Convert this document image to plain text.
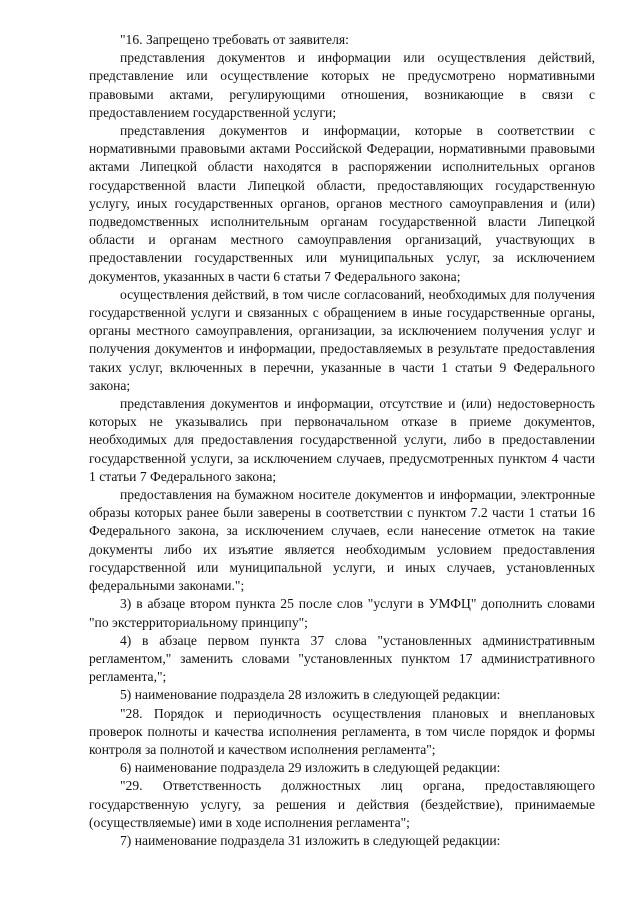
"16. Запрещено требовать от заявителя:

представления документов и информации или осуществления действий, представление или осуществление которых не предусмотрено нормативными правовыми актами, регулирующими отношения, возникающие в связи с предоставлением государственной услуги;

представления документов и информации, которые в соответствии с нормативными правовыми актами Российской Федерации, нормативными правовыми актами Липецкой области находятся в распоряжении исполнительных органов государственной власти Липецкой области, предоставляющих государственную услугу, иных государственных органов, органов местного самоуправления и (или) подведомственных исполнительным органам государственной власти Липецкой области и органам местного самоуправления организаций, участвующих в предоставлении государственных или муниципальных услуг, за исключением документов, указанных в части 6 статьи 7 Федерального закона;

осуществления действий, в том числе согласований, необходимых для получения государственной услуги и связанных с обращением в иные государственные органы, органы местного самоуправления, организации, за исключением получения услуг и получения документов и информации, предоставляемых в результате предоставления таких услуг, включенных в перечни, указанные в части 1 статьи 9 Федерального закона;

представления документов и информации, отсутствие и (или) недостоверность которых не указывались при первоначальном отказе в приеме документов, необходимых для предоставления государственной услуги, либо в предоставлении государственной услуги, за исключением случаев, предусмотренных пунктом 4 части 1 статьи 7 Федерального закона;

предоставления на бумажном носителе документов и информации, электронные образы которых ранее были заверены в соответствии с пунктом 7.2 части 1 статьи 16 Федерального закона, за исключением случаев, если нанесение отметок на такие документы либо их изъятие является необходимым условием предоставления государственной или муниципальной услуги, и иных случаев, установленных федеральными законами.";

3) в абзаце втором пункта 25 после слов "услуги в УМФЦ" дополнить словами "по экстерриториальному принципу";

4) в абзаце первом пункта 37 слова "установленных административным регламентом," заменить словами "установленных пунктом 17 административного регламента,";

5) наименование подраздела 28 изложить в следующей редакции:

"28. Порядок и периодичность осуществления плановых и внеплановых проверок полноты и качества исполнения регламента, в том числе порядок и формы контроля за полнотой и качеством исполнения регламента";

6) наименование подраздела 29 изложить в следующей редакции:

"29. Ответственность должностных лиц органа, предоставляющего государственную услугу, за решения и действия (бездействие), принимаемые (осуществляемые) ими в ходе исполнения регламента";

7) наименование подраздела 31 изложить в следующей редакции:
